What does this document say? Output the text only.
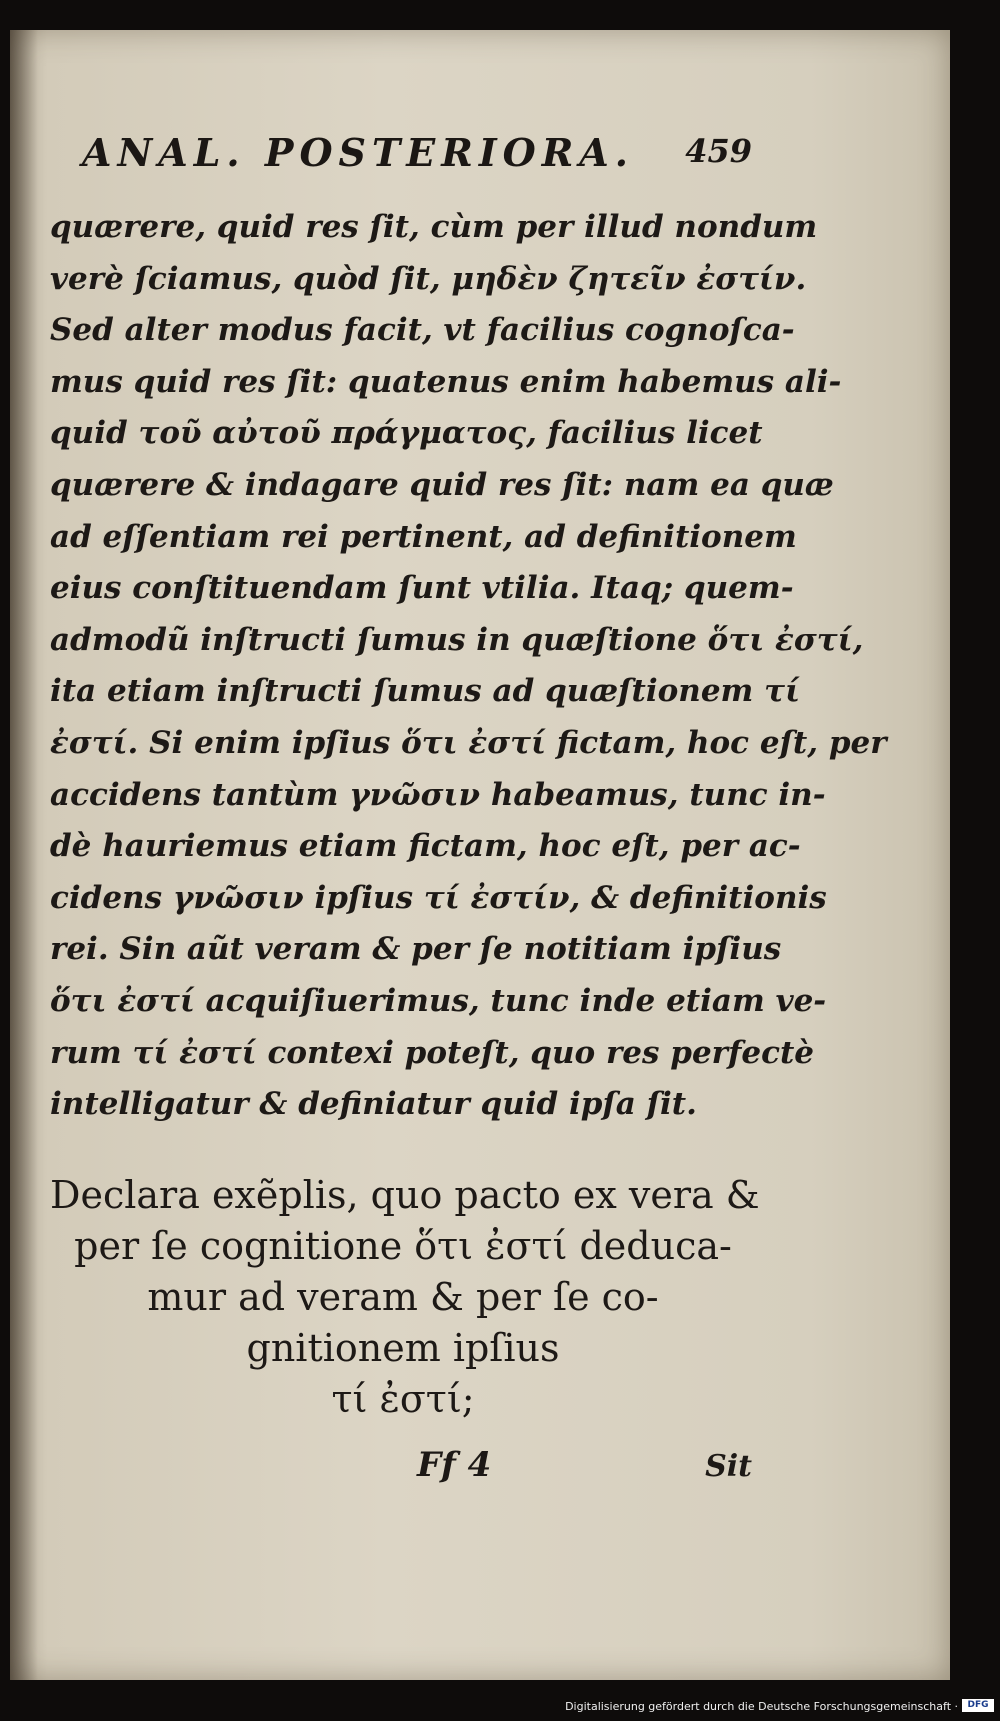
ANAL. POSTERIORA. 459
quærere, quid res ſit, cùm per illud nondum
verè ſciamus, quòd ſit, μηδὲν ζητεῖν ἐστίν.
Sed alter modus facit, vt facilius cognoſca-
mus quid res ſit: quatenus enim habemus ali-
quid τοῦ αὐτοῦ πράγματος, facilius licet
quærere & indagare quid res ſit: nam ea quæ
ad eſſentiam rei pertinent, ad definitionem
eius conſtituendam ſunt vtilia. Itaq; quem-
admodũ inſtructi ſumus in quæſtione ὅτι ἐστί,
ita etiam inſtructi ſumus ad quæſtionem τί
ἐστί. Si enim ipſius ὅτι ἐστί fictam, hoc eſt, per
accidens tantùm γνῶσιν habeamus, tunc in-
dè hauriemus etiam fictam, hoc eſt, per ac-
cidens γνῶσιν ipſius τί ἐστίν, & definitionis
rei. Sin aũt veram & per ſe notitiam ipſius
ὅτι ἐστί acquiſiuerimus, tunc inde etiam ve-
rum τί ἐστί contexi poteſt, quo res perfectè
intelligatur & definiatur quid ipſa ſit.
Declara exẽplis, quo pacto ex vera &
per ſe cognitione ὅτι ἐστί deduca-
mur ad veram & per ſe co-
gnitionem ipſius
τί ἐστί;
Ff 4	Sit
Digitalisierung gefördert durch die Deutsche Forschungsgemeinschaft ·	DFG
